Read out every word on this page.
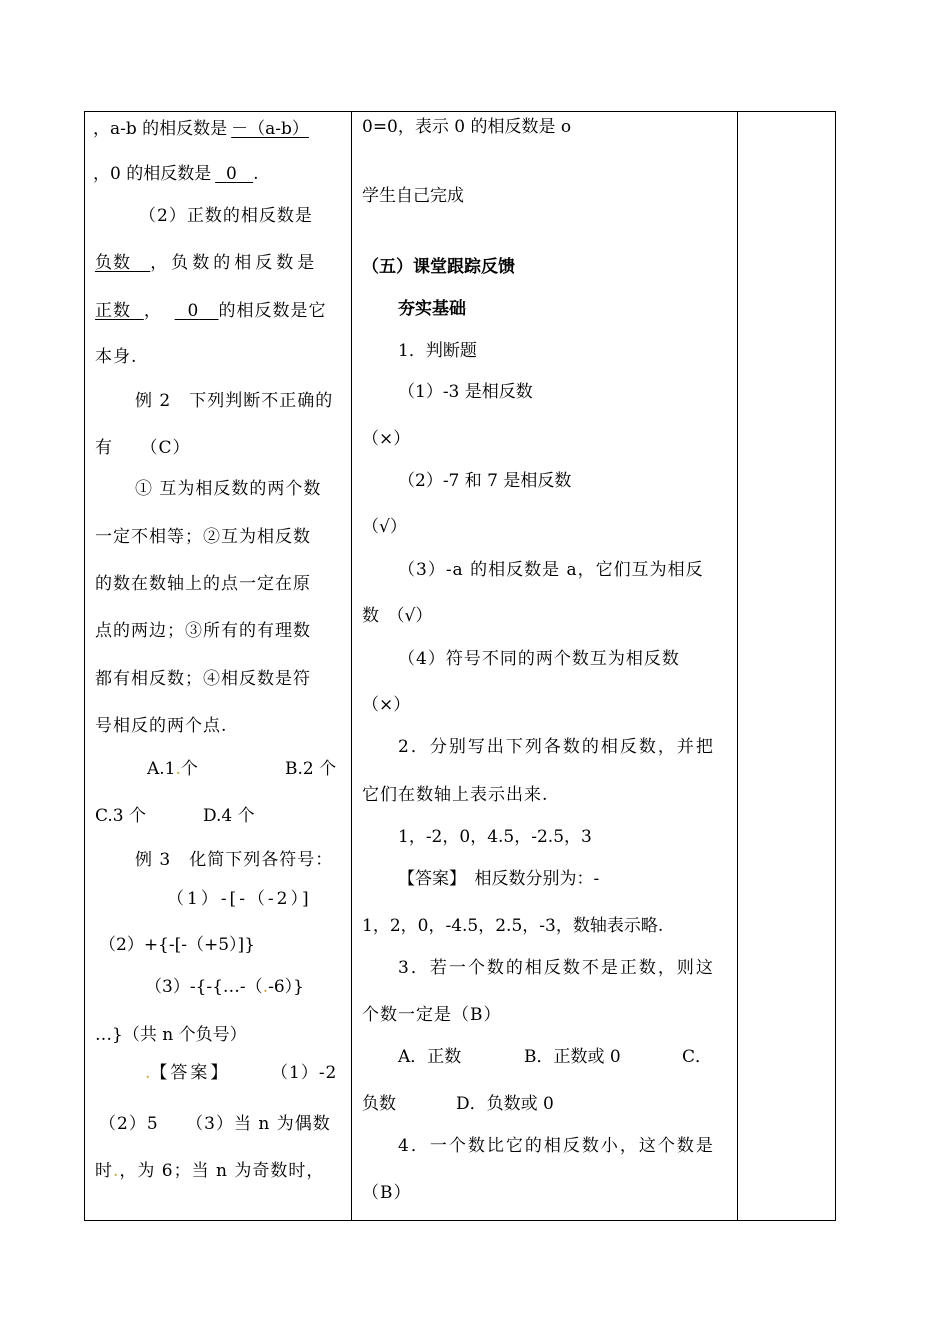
，a-b 的相反数是 －（a-b）
，0 的相反数是 0 .
（2）正数的相反数是
负数 ，负数的相反数是
正数 ， 0 的相反数是它
本身.
例 2　下列判断不正确的
有　　（C）
① 互为相反数的两个数
一定不相等；②互为相反数
的数在数轴上的点一定在原
点的两边；③所有的有理数
都有相反数；④相反数是符
号相反的两个点.
A.1.个	B.2 个
C.3 个	D.4 个
例 3　化简下列各符号：
（1）-[-（-2）]
（2）+{-[-（+5）]}
（3）-{-{…-（.-6）}
…}（共 n 个负号）
.【答案】 （1）-2
（2）5　　（3）当 n 为偶数
时.，为 6；当 n 为奇数时，

0=0，表示 0 的相反数是 o
学生自己完成
（五）课堂跟踪反馈
夯实基础
1．判断题
（1）-3 是相反数
（×）
（2）-7 和 7 是相反数
（√）
（3）-a 的相反数是 a，它们互为相反
数　（√）
（4）符号不同的两个数互为相反数
（×）
2．分别写出下列各数的相反数，并把
它们在数轴上表示出来.
1，-2，0，4.5，-2.5，3
【答案】　相反数分别为：-
1，2，0，-4.5，2.5，-3，数轴表示略.
3．若一个数的相反数不是正数，则这
个数一定是（B）
A．正数	B．正数或 0	C．
负数	D．负数或 0
4．一个数比它的相反数小，这个数是
（B）
